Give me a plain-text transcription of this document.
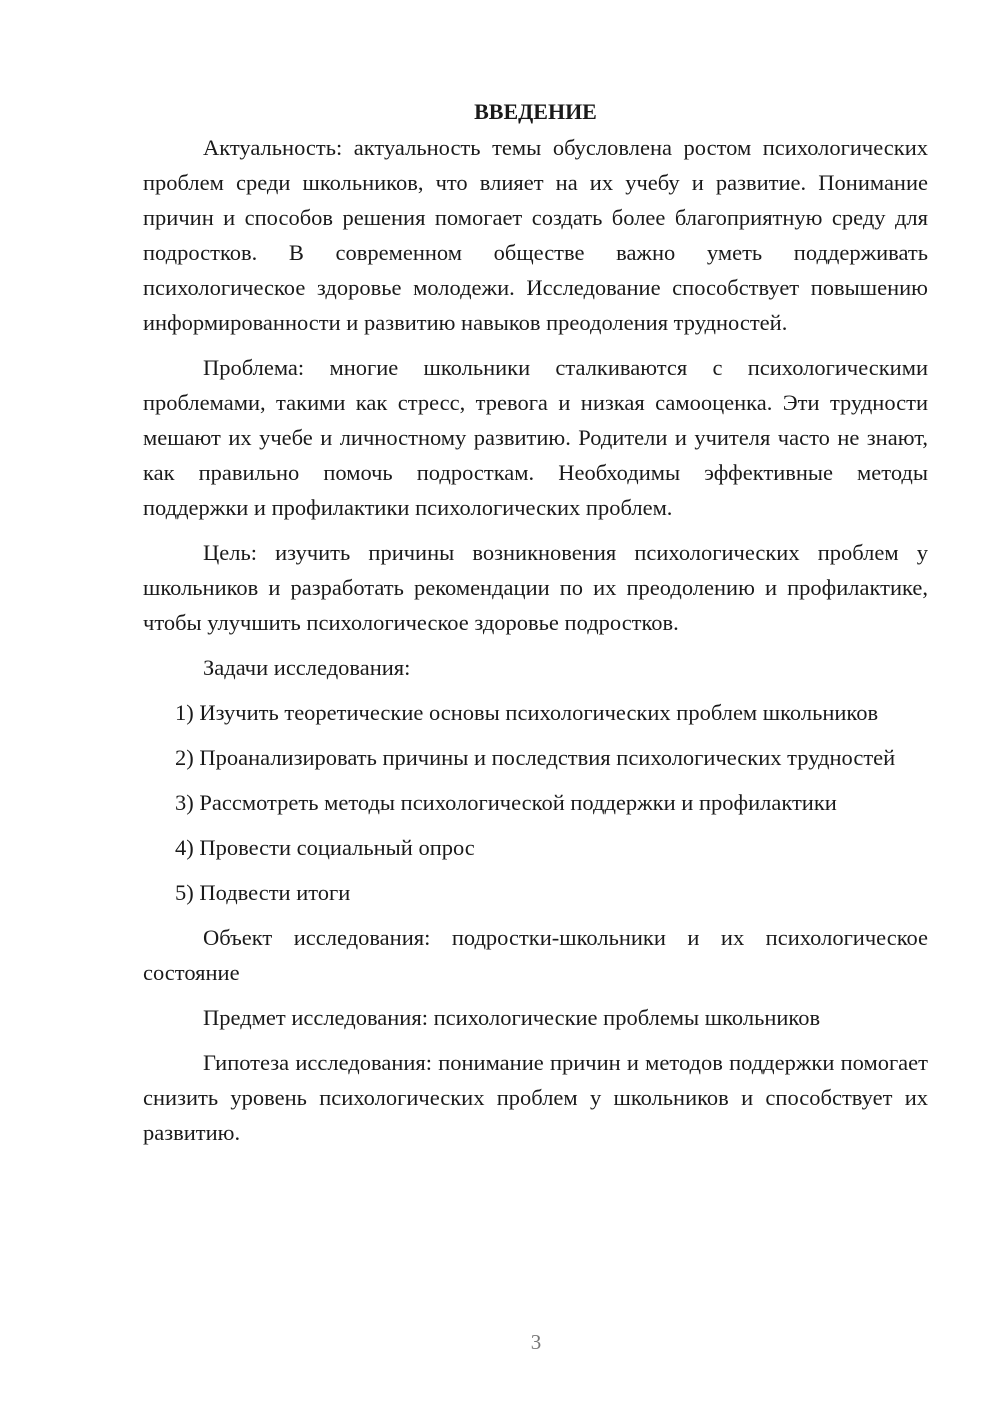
ВВЕДЕНИЕ

Актуальность: актуальность темы обусловлена ростом психологических проблем среди школьников, что влияет на их учебу и развитие. Понимание причин и способов решения помогает создать более благоприятную среду для подростков. В современном обществе важно уметь поддерживать психологическое здоровье молодежи. Исследование способствует повышению информированности и развитию навыков преодоления трудностей.

Проблема: многие школьники сталкиваются с психологическими проблемами, такими как стресс, тревога и низкая самооценка. Эти трудности мешают их учебе и личностному развитию. Родители и учителя часто не знают, как правильно помочь подросткам. Необходимы эффективные методы поддержки и профилактики психологических проблем.

Цель: изучить причины возникновения психологических проблем у школьников и разработать рекомендации по их преодолению и профилактике, чтобы улучшить психологическое здоровье подростков.

Задачи исследования:

1) Изучить теоретические основы психологических проблем школьников

2) Проанализировать причины и последствия психологических трудностей

3) Рассмотреть методы психологической поддержки и профилактики

4) Провести социальный опрос

5) Подвести итоги

Объект исследования: подростки-школьники и их психологическое состояние

Предмет исследования: психологические проблемы школьников

Гипотеза исследования: понимание причин и методов поддержки помогает снизить уровень психологических проблем у школьников и способствует их развитию.

3
